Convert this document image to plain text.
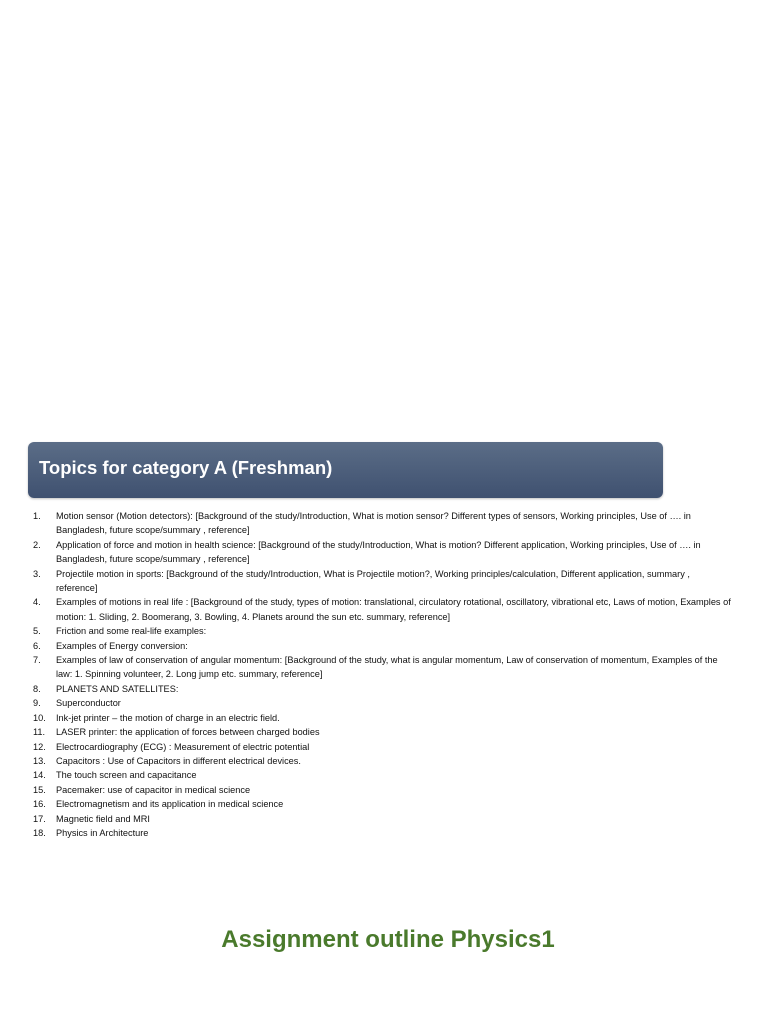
Topics for category A (Freshman)
1. Motion sensor (Motion detectors): [Background of the study/Introduction, What is motion sensor? Different types of sensors, Working principles, Use of …. in Bangladesh, future scope/summary , reference]
2. Application of force and motion in health science: [Background of the study/Introduction, What is motion? Different application, Working principles, Use of …. in Bangladesh, future scope/summary , reference]
3. Projectile motion in sports: [Background of the study/Introduction, What is Projectile motion?, Working principles/calculation, Different application, summary , reference]
4. Examples of motions in real life : [Background of the study, types of motion: translational, circulatory rotational, oscillatory, vibrational etc, Laws of motion, Examples of motion: 1. Sliding, 2. Boomerang, 3. Bowling, 4. Planets around the sun etc. summary, reference]
5. Friction and some real-life examples:
6. Examples of Energy conversion:
7. Examples of law of conservation of angular momentum: [Background of the study, what is angular momentum, Law of conservation of momentum, Examples of the law: 1. Spinning volunteer, 2. Long jump etc. summary, reference]
8. PLANETS AND SATELLITES:
9. Superconductor
10. Ink-jet printer – the motion of charge in an electric field.
11. LASER printer: the application of forces between charged bodies
12. Electrocardiography (ECG) : Measurement of electric potential
13. Capacitors : Use of Capacitors in different electrical devices.
14. The touch screen and capacitance
15. Pacemaker: use of capacitor in medical science
16. Electromagnetism and its application in medical science
17. Magnetic field and MRI
18. Physics in Architecture
Assignment outline Physics1
